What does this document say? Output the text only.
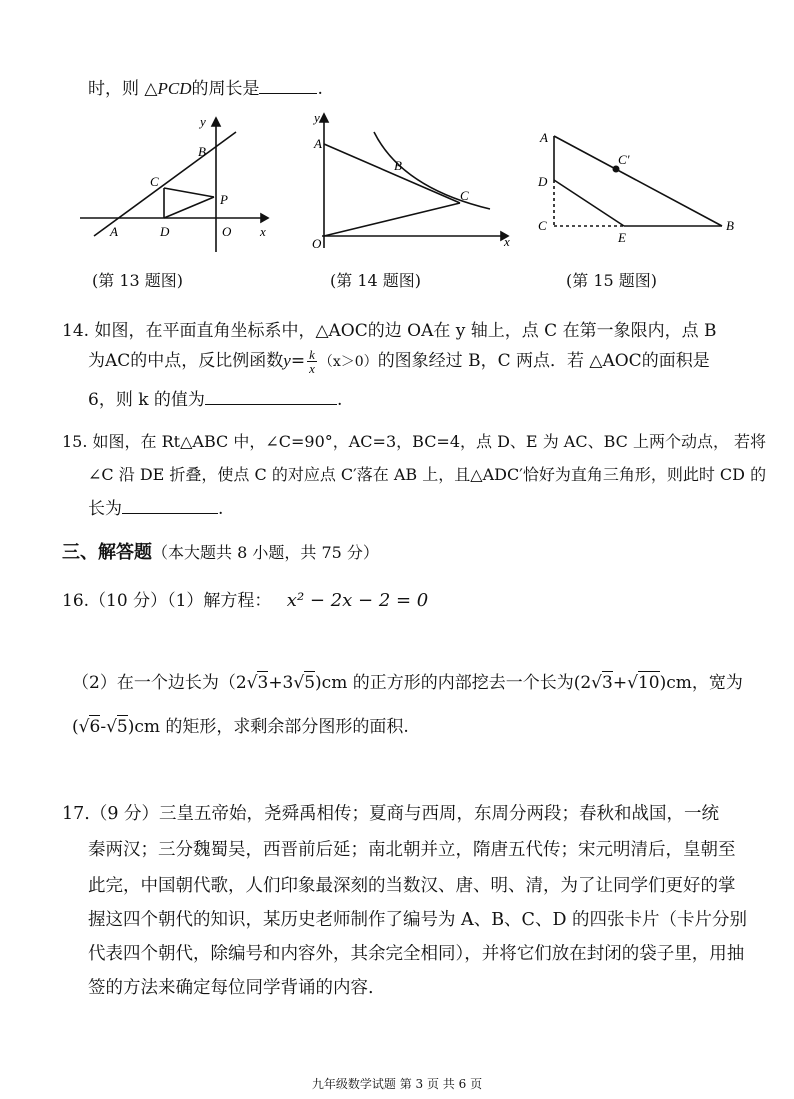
时，则 △PCD的周长是	.
y
x
B
C
P
A	D	O
(第 13 题图)
y
x
A
B
C
O
(第 14 题图)
A
C'
D
C
E
B
(第 15 题图)
14. 如图，在平面直角坐标系中，△AOC的边 OA在 y 轴上，点 C 在第一象限内，点 B
为AC的中点，反比例函数$y= \frac{k}{x} (x>0)$的图象经过 B，C 两点．若 △AOC的面积是
6，则 k 的值为	.
15. 如图，在 Rt△ABC 中，∠C=90°，AC=3，BC=4，点 D、E 为 AC、BC 上两个动点， 若将
∠C 沿 DE 折叠，使点 C 的对应点 C′落在 AB 上，且△ADC′恰好为直角三角形，则此时 CD 的
长为	.
三、解答题（本大题共 8 小题，共 75 分）
16.（10 分）（1）解方程： x² − 2x − 2 = 0
（2）在一个边长为（2√3+3√5)cm 的正方形的内部挖去一个长为(2√3+√10)cm，宽为
(√6-√5)cm 的矩形，求剩余部分图形的面积.
17.（9 分）三皇五帝始，尧舜禹相传；夏商与西周，东周分两段；春秋和战国，一统
秦两汉；三分魏蜀吴，西晋前后延；南北朝并立，隋唐五代传；宋元明清后，皇朝至
此完，中国朝代歌，人们印象最深刻的当数汉、唐、明、清，为了让同学们更好的掌
握这四个朝代的知识，某历史老师制作了编号为 A、B、C、D 的四张卡片（卡片分别
代表四个朝代，除编号和内容外，其余完全相同），并将它们放在封闭的袋子里，用抽
签的方法来确定每位同学背诵的内容.
九年级数学试题 第 3 页 共 6 页
